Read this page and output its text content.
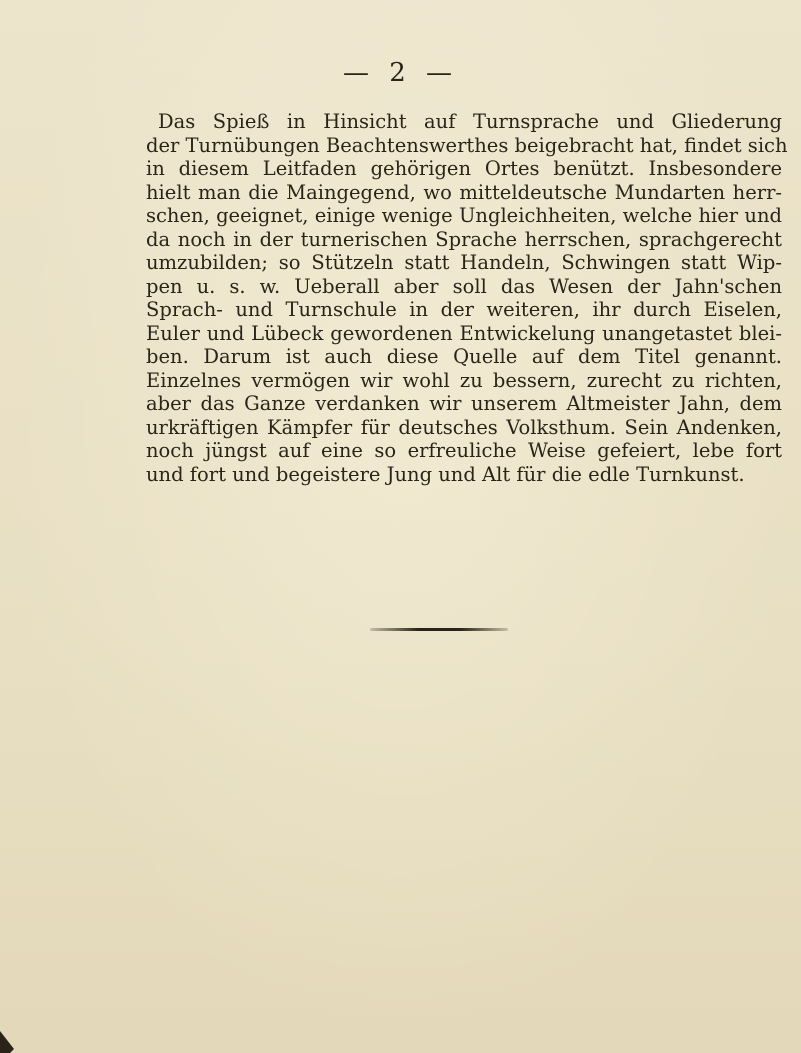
— 2 —
Das Spieß in Hinsicht auf Turnsprache und Gliederung
der Turnübungen Beachtenswerthes beigebracht hat, findet sich
in diesem Leitfaden gehörigen Ortes benützt. Insbesondere
hielt man die Maingegend, wo mitteldeutsche Mundarten herr-
schen, geeignet, einige wenige Ungleichheiten, welche hier und
da noch in der turnerischen Sprache herrschen, sprachgerecht
umzubilden; so Stützeln statt Handeln, Schwingen statt Wip-
pen u. s. w. Ueberall aber soll das Wesen der Jahn'schen
Sprach- und Turnschule in der weiteren, ihr durch Eiselen,
Euler und Lübeck gewordenen Entwickelung unangetastet blei-
ben. Darum ist auch diese Quelle auf dem Titel genannt.
Einzelnes vermögen wir wohl zu bessern, zurecht zu richten,
aber das Ganze verdanken wir unserem Altmeister Jahn, dem
urkräftigen Kämpfer für deutsches Volksthum. Sein Andenken,
noch jüngst auf eine so erfreuliche Weise gefeiert, lebe fort
und fort und begeistere Jung und Alt für die edle Turnkunst.
